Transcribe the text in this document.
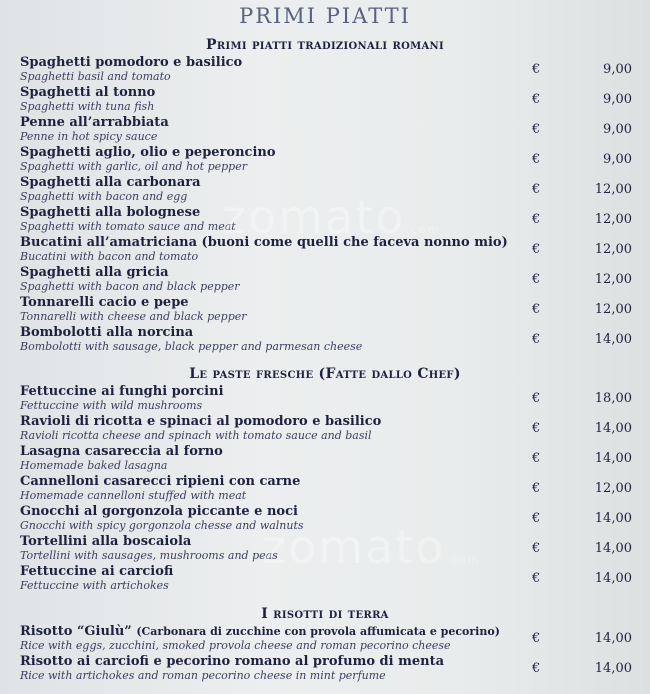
PRIMI PIATTI
Primi piatti tradizionali romani
Spaghetti pomodoro e basilico
Spaghetti basil and tomato	€	9,00
Spaghetti al tonno
Spaghetti with tuna fish	€	9,00
Penne all’arrabbiata
Penne in hot spicy sauce	€	9,00
Spaghetti aglio, olio e peperoncino
Spaghetti with garlic, oil and hot pepper	€	9,00
Spaghetti alla carbonara
Spaghetti with bacon and egg	€	12,00
Spaghetti alla bolognese
Spaghetti with tomato sauce and meat	€	12,00
Bucatini all’amatriciana (buoni come quelli che faceva nonno mio)
Bucatini with bacon and tomato	€	12,00
Spaghetti alla gricia
Spaghetti with bacon and black pepper	€	12,00
Tonnarelli cacio e pepe
Tonnarelli with cheese and black pepper	€	12,00
Bombolotti alla norcina
Bombolotti with sausage, black pepper and parmesan cheese	€	14,00
Le paste fresche (Fatte dallo Chef)
Fettuccine ai funghi porcini
Fettuccine with wild mushrooms	€	18,00
Ravioli di ricotta e spinaci al pomodoro e basilico
Ravioli ricotta cheese and spinach with tomato sauce and basil	€	14,00
Lasagna casareccia al forno
Homemade baked lasagna	€	14,00
Cannelloni casarecci ripieni con carne
Homemade cannelloni stuffed with meat	€	12,00
Gnocchi al gorgonzola piccante e noci
Gnocchi with spicy gorgonzola chesse and walnuts	€	14,00
Tortellini alla boscaiola
Tortellini with sausages, mushrooms and peas	€	14,00
Fettuccine ai carciofi
Fettuccine with artichokes	€	14,00
I risotti di terra
Risotto “Giulù” (Carbonara di zucchine con provola affumicata e pecorino)
Rice with eggs, zucchini, smoked provola cheese and roman pecorino cheese	€	14,00
Risotto ai carciofi e pecorino romano al profumo di menta
Rice with artichokes and roman pecorino cheese in mint perfume	€	14,00
zomato.com
zomato.com
